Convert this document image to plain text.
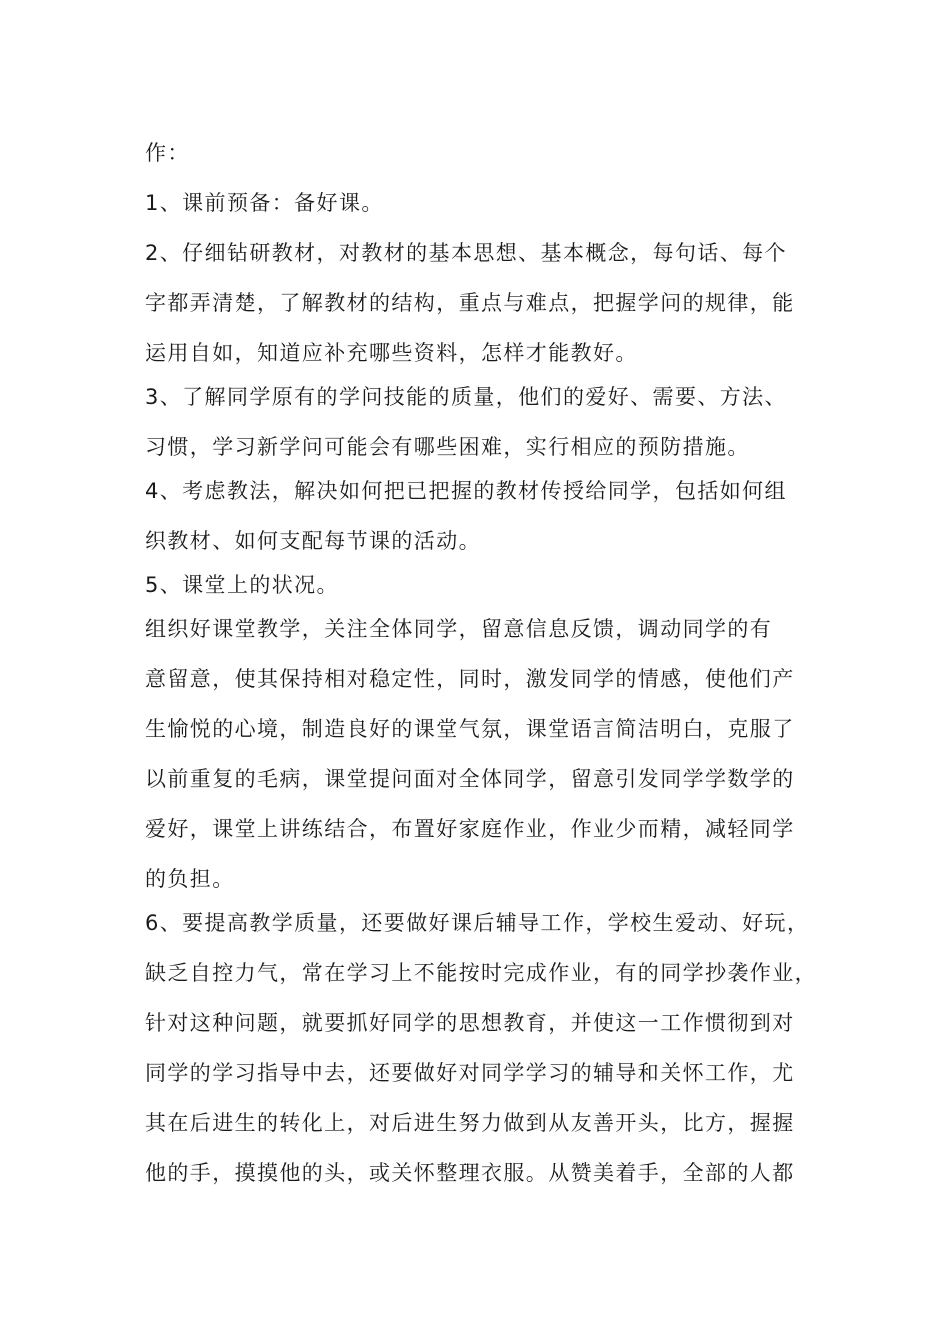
作：
1、课前预备：备好课。
2、仔细钻研教材，对教材的基本思想、基本概念，每句话、每个
字都弄清楚，了解教材的结构，重点与难点，把握学问的规律，能
运用自如，知道应补充哪些资料，怎样才能教好。
3、了解同学原有的学问技能的质量，他们的爱好、需要、方法、
习惯，学习新学问可能会有哪些困难，实行相应的预防措施。
4、考虑教法，解决如何把已把握的教材传授给同学，包括如何组
织教材、如何支配每节课的活动。
5、课堂上的状况。
组织好课堂教学，关注全体同学，留意信息反馈，调动同学的有
意留意，使其保持相对稳定性，同时，激发同学的情感，使他们产
生愉悦的心境，制造良好的课堂气氛，课堂语言简洁明白，克服了
以前重复的毛病，课堂提问面对全体同学，留意引发同学学数学的
爱好，课堂上讲练结合，布置好家庭作业，作业少而精，减轻同学
的负担。
6、要提高教学质量，还要做好课后辅导工作，学校生爱动、好玩，
缺乏自控力气，常在学习上不能按时完成作业，有的同学抄袭作业，
针对这种问题，就要抓好同学的思想教育，并使这一工作惯彻到对
同学的学习指导中去，还要做好对同学学习的辅导和关怀工作，尤
其在后进生的转化上，对后进生努力做到从友善开头，比方，握握
他的手，摸摸他的头，或关怀整理衣服。从赞美着手，全部的人都
